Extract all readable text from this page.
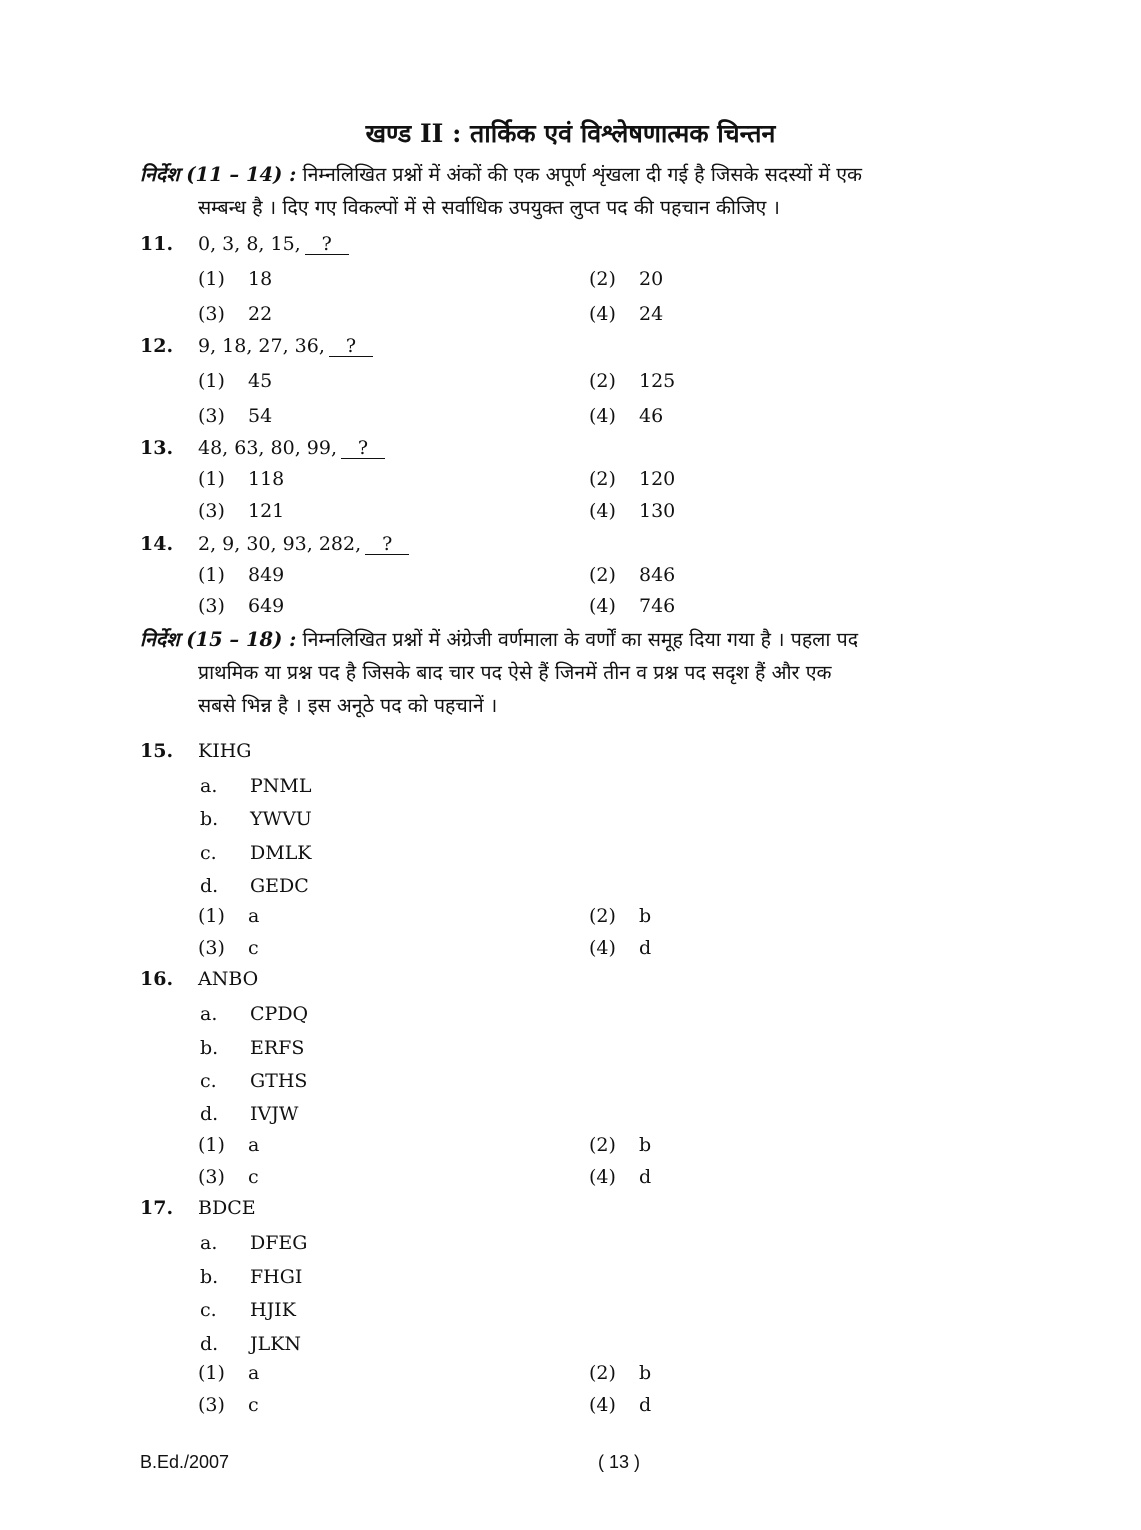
खण्ड II : तार्किक एवं विश्लेषणात्मक चिन्तन
निर्देश (11 – 14) : निम्नलिखित प्रश्नों में अंकों की एक अपूर्ण शृंखला दी गई है जिसके सदस्यों में एक
सम्बन्ध है । दिए गए विकल्पों में से सर्वाधिक उपयुक्त लुप्त पद की पहचान कीजिए ।
निर्देश (15 – 18) : निम्नलिखित प्रश्नों में अंग्रेजी वर्णमाला के वर्णों का समूह दिया गया है । पहला पद
प्राथमिक या प्रश्न पद है जिसके बाद चार पद ऐसे हैं जिनमें तीन व प्रश्न पद सदृश हैं और एक
सबसे भिन्न है । इस अनूठे पद को पहचानें ।
11. 0, 3, 8, 15, ?
(1) 18	(2) 20
(3) 22	(4) 24
12. 9, 18, 27, 36, ?
(1) 45	(2) 125
(3) 54	(4) 46
13. 48, 63, 80, 99, ?
(1) 118	(2) 120
(3) 121	(4) 130
14. 2, 9, 30, 93, 282, ?
(1) 849	(2) 846
(3) 649	(4) 746
15. KIHG
a. PNML
b. YWVU
c. DMLK
d. GEDC
(1) a	(2) b
(3) c	(4) d
16. ANBO
a. CPDQ
b. ERFS
c. GTHS
d. IVJW
(1) a	(2) b
(3) c	(4) d
17. BDCE
a. DFEG
b. FHGI
c. HJIK
d. JLKN
(1) a	(2) b
(3) c	(4) d
B.Ed./2007	( 13 )
